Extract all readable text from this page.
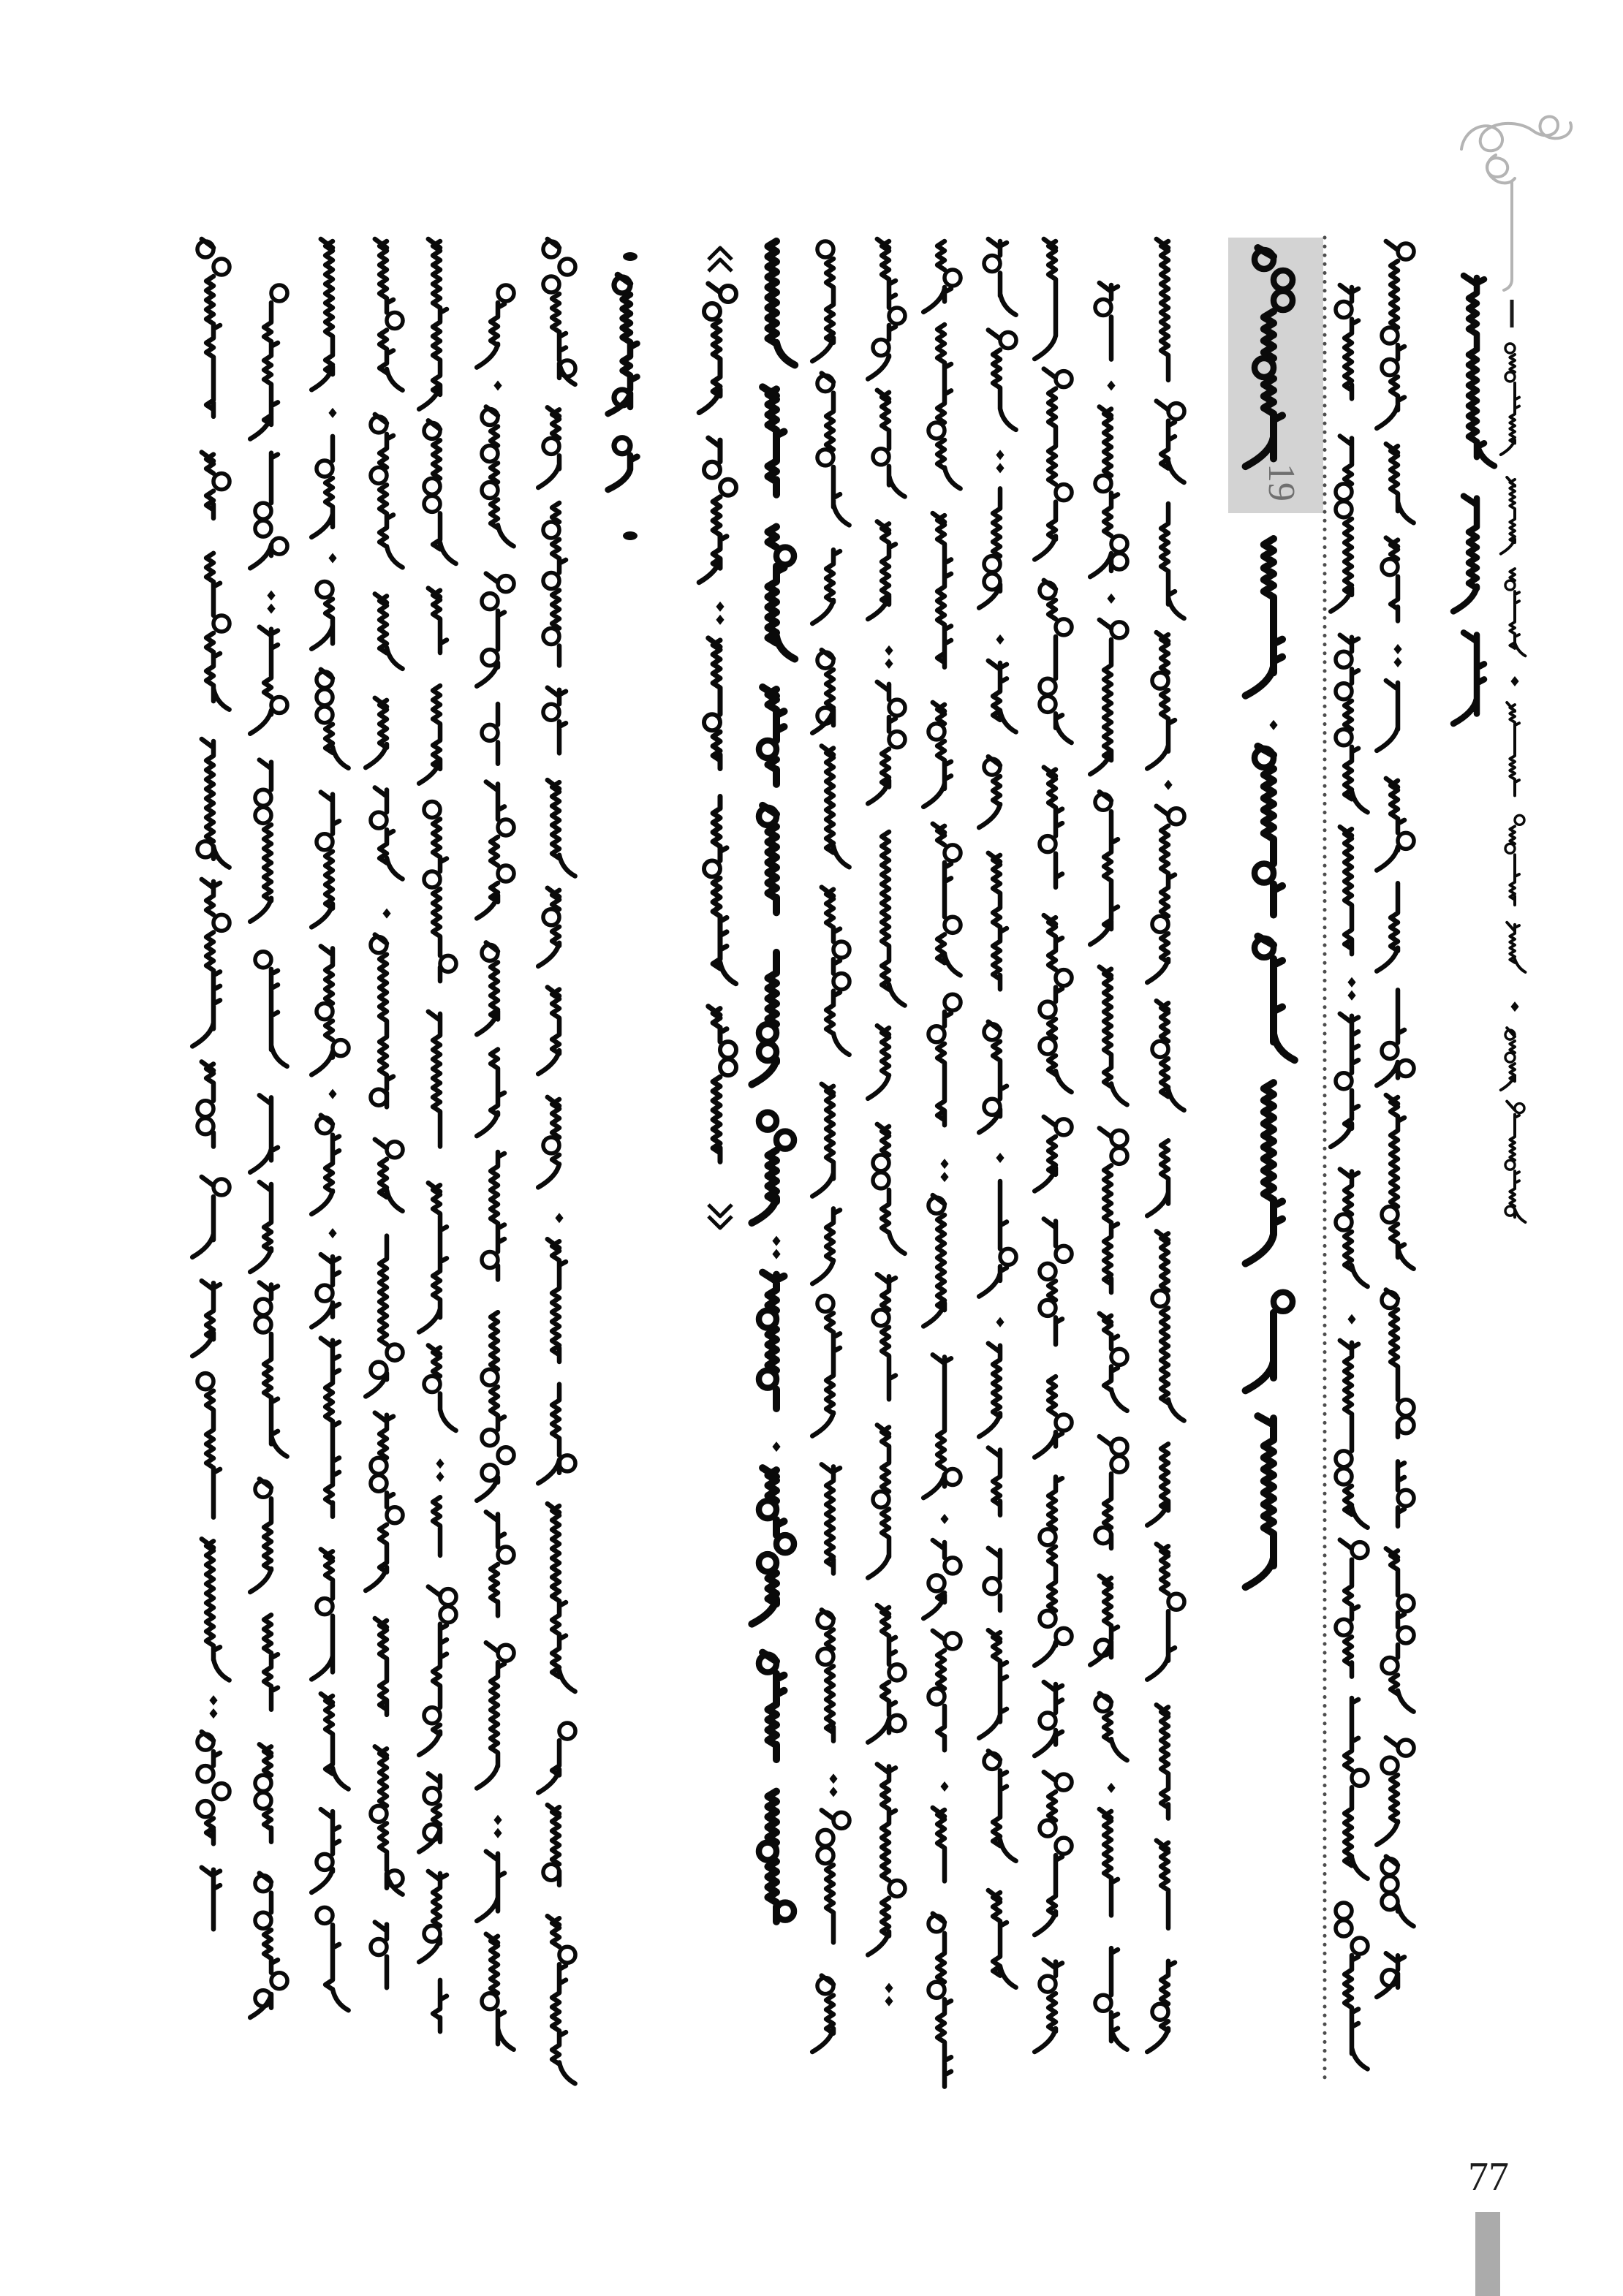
19
77
